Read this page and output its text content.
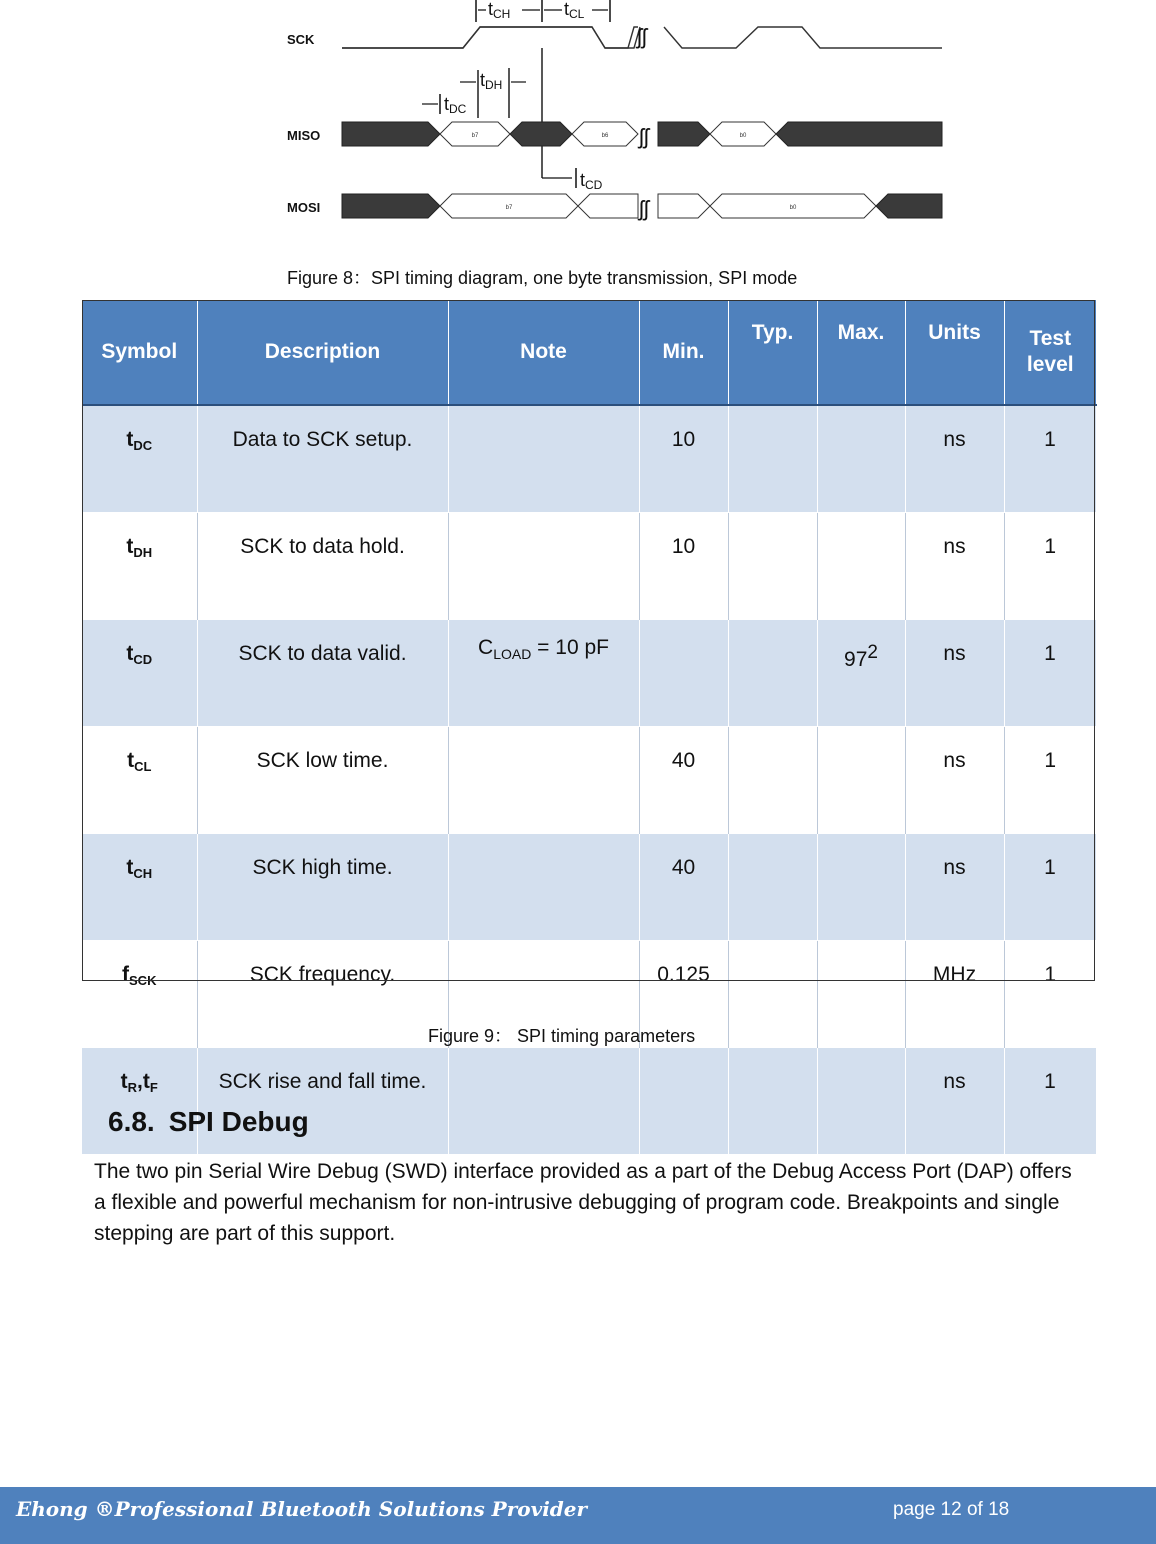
SCK
MISO
MOSI
ʃʃ
tCH	tCL
tCD
tDH
tDC
ʃʃ
b7	b6	b0
ʃʃ
b7	b0
Figure 8：SPI timing diagram, one byte transmission, SPI mode
Symbol	Description	Note	Min.	Typ.	Max.	Units	Test
level
$t_{DC}$	Data to SCK setup.		10			ns	1
$t_{DH}$	SCK to data hold.		10			ns	1
$t_{CD}$	SCK to data valid.	$C_{LOAD} = 10$ pF			$97^2$	ns	1
$t_{CL}$	SCK low time.		40			ns	1
$t_{CH}$	SCK high time.		40			ns	1
$f_{SCK}$	SCK frequency.		0.125			MHz	1
$t_R,t_F$	SCK rise and fall time.					ns	1
Figure 9： SPI timing parameters
6.8. SPI Debug

The two pin Serial Wire Debug (SWD) interface provided as a part of the Debug Access Port (DAP) offers a flexible and powerful mechanism for non-intrusive debugging of program code. Breakpoints and single stepping are part of this support.

Ehong ®Professional Bluetooth Solutions Provider	page 12 of 18
